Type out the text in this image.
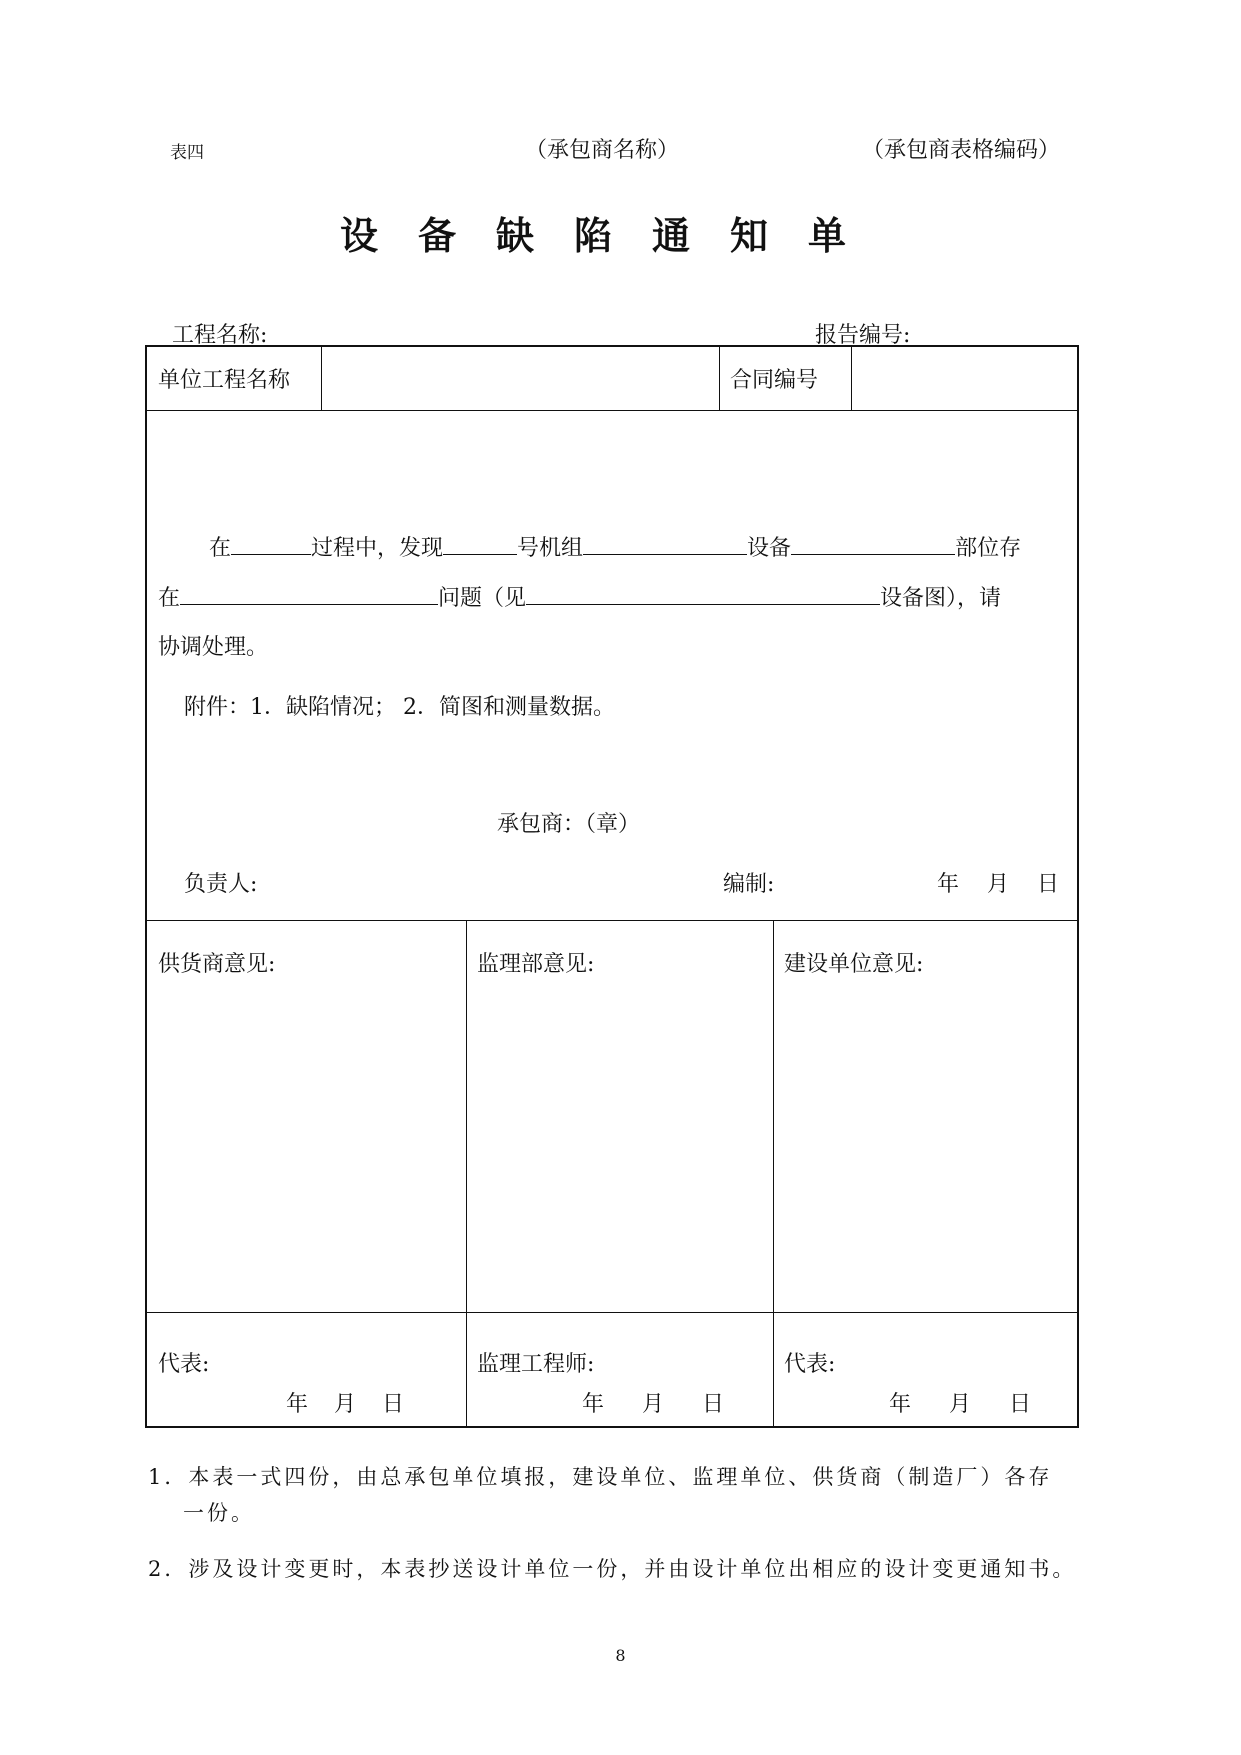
表四	（承包商名称）	（承包商表格编码）
设备缺陷通知单
工程名称:	报告编号:
单位工程名称	合同编号
在	过程中，发现	号机组	设备	部位存
在	问题（见	设备图），请
协调处理。
附件：1．缺陷情况； 2．简图和测量数据。
承包商：（章）
负责人:	编制:	年 月 日
供货商意见:	监理部意见:	建设单位意见:
代表:	监理工程师:	代表:
年 月 日	年 月 日	年 月 日
1．本表一式四份，由总承包单位填报，建设单位、监理单位、供货商（制造厂）各存
一份。
2．涉及设计变更时，本表抄送设计单位一份，并由设计单位出相应的设计变更通知书。
8
